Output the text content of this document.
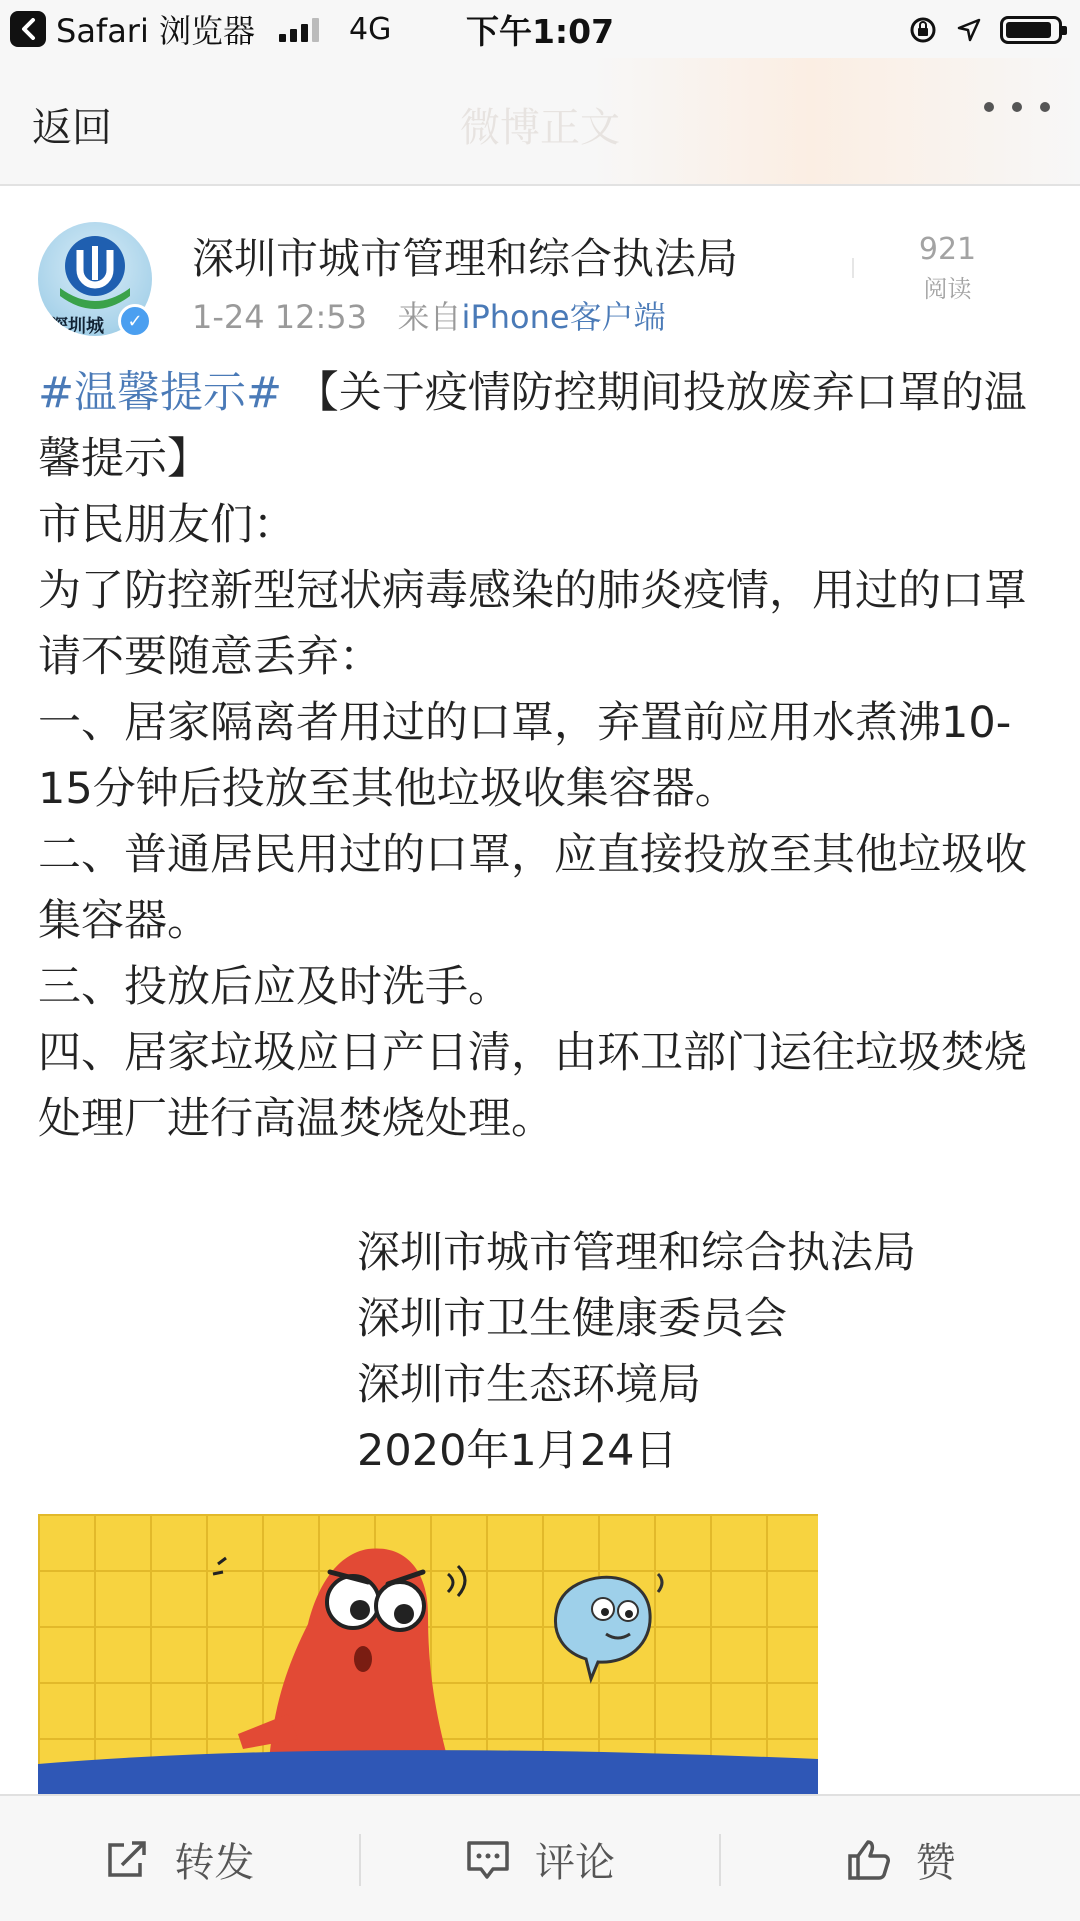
Safari 浏览器	4G	下午1:07
返回	微博正文
深圳城	✓
深圳市城市管理和综合执法局
1-24 12:53 来自iPhone客户端
921
阅读

#温馨提示# 【关于疫情防控期间投放废弃口罩的温馨提示】

市民朋友们：

为了防控新型冠状病毒感染的肺炎疫情，用过的口罩请不要随意丢弃：

一、居家隔离者用过的口罩，弃置前应用水煮沸10-15分钟后投放至其他垃圾收集容器。

二、普通居民用过的口罩，应直接投放至其他垃圾收集容器。

三、投放后应及时洗手。

四、居家垃圾应日产日清，由环卫部门运往垃圾焚烧处理厂进行高温焚烧处理。

深圳市城市管理和综合执法局

深圳市卫生健康委员会

深圳市生态环境局

2020年1月24日

转发	评论	赞
